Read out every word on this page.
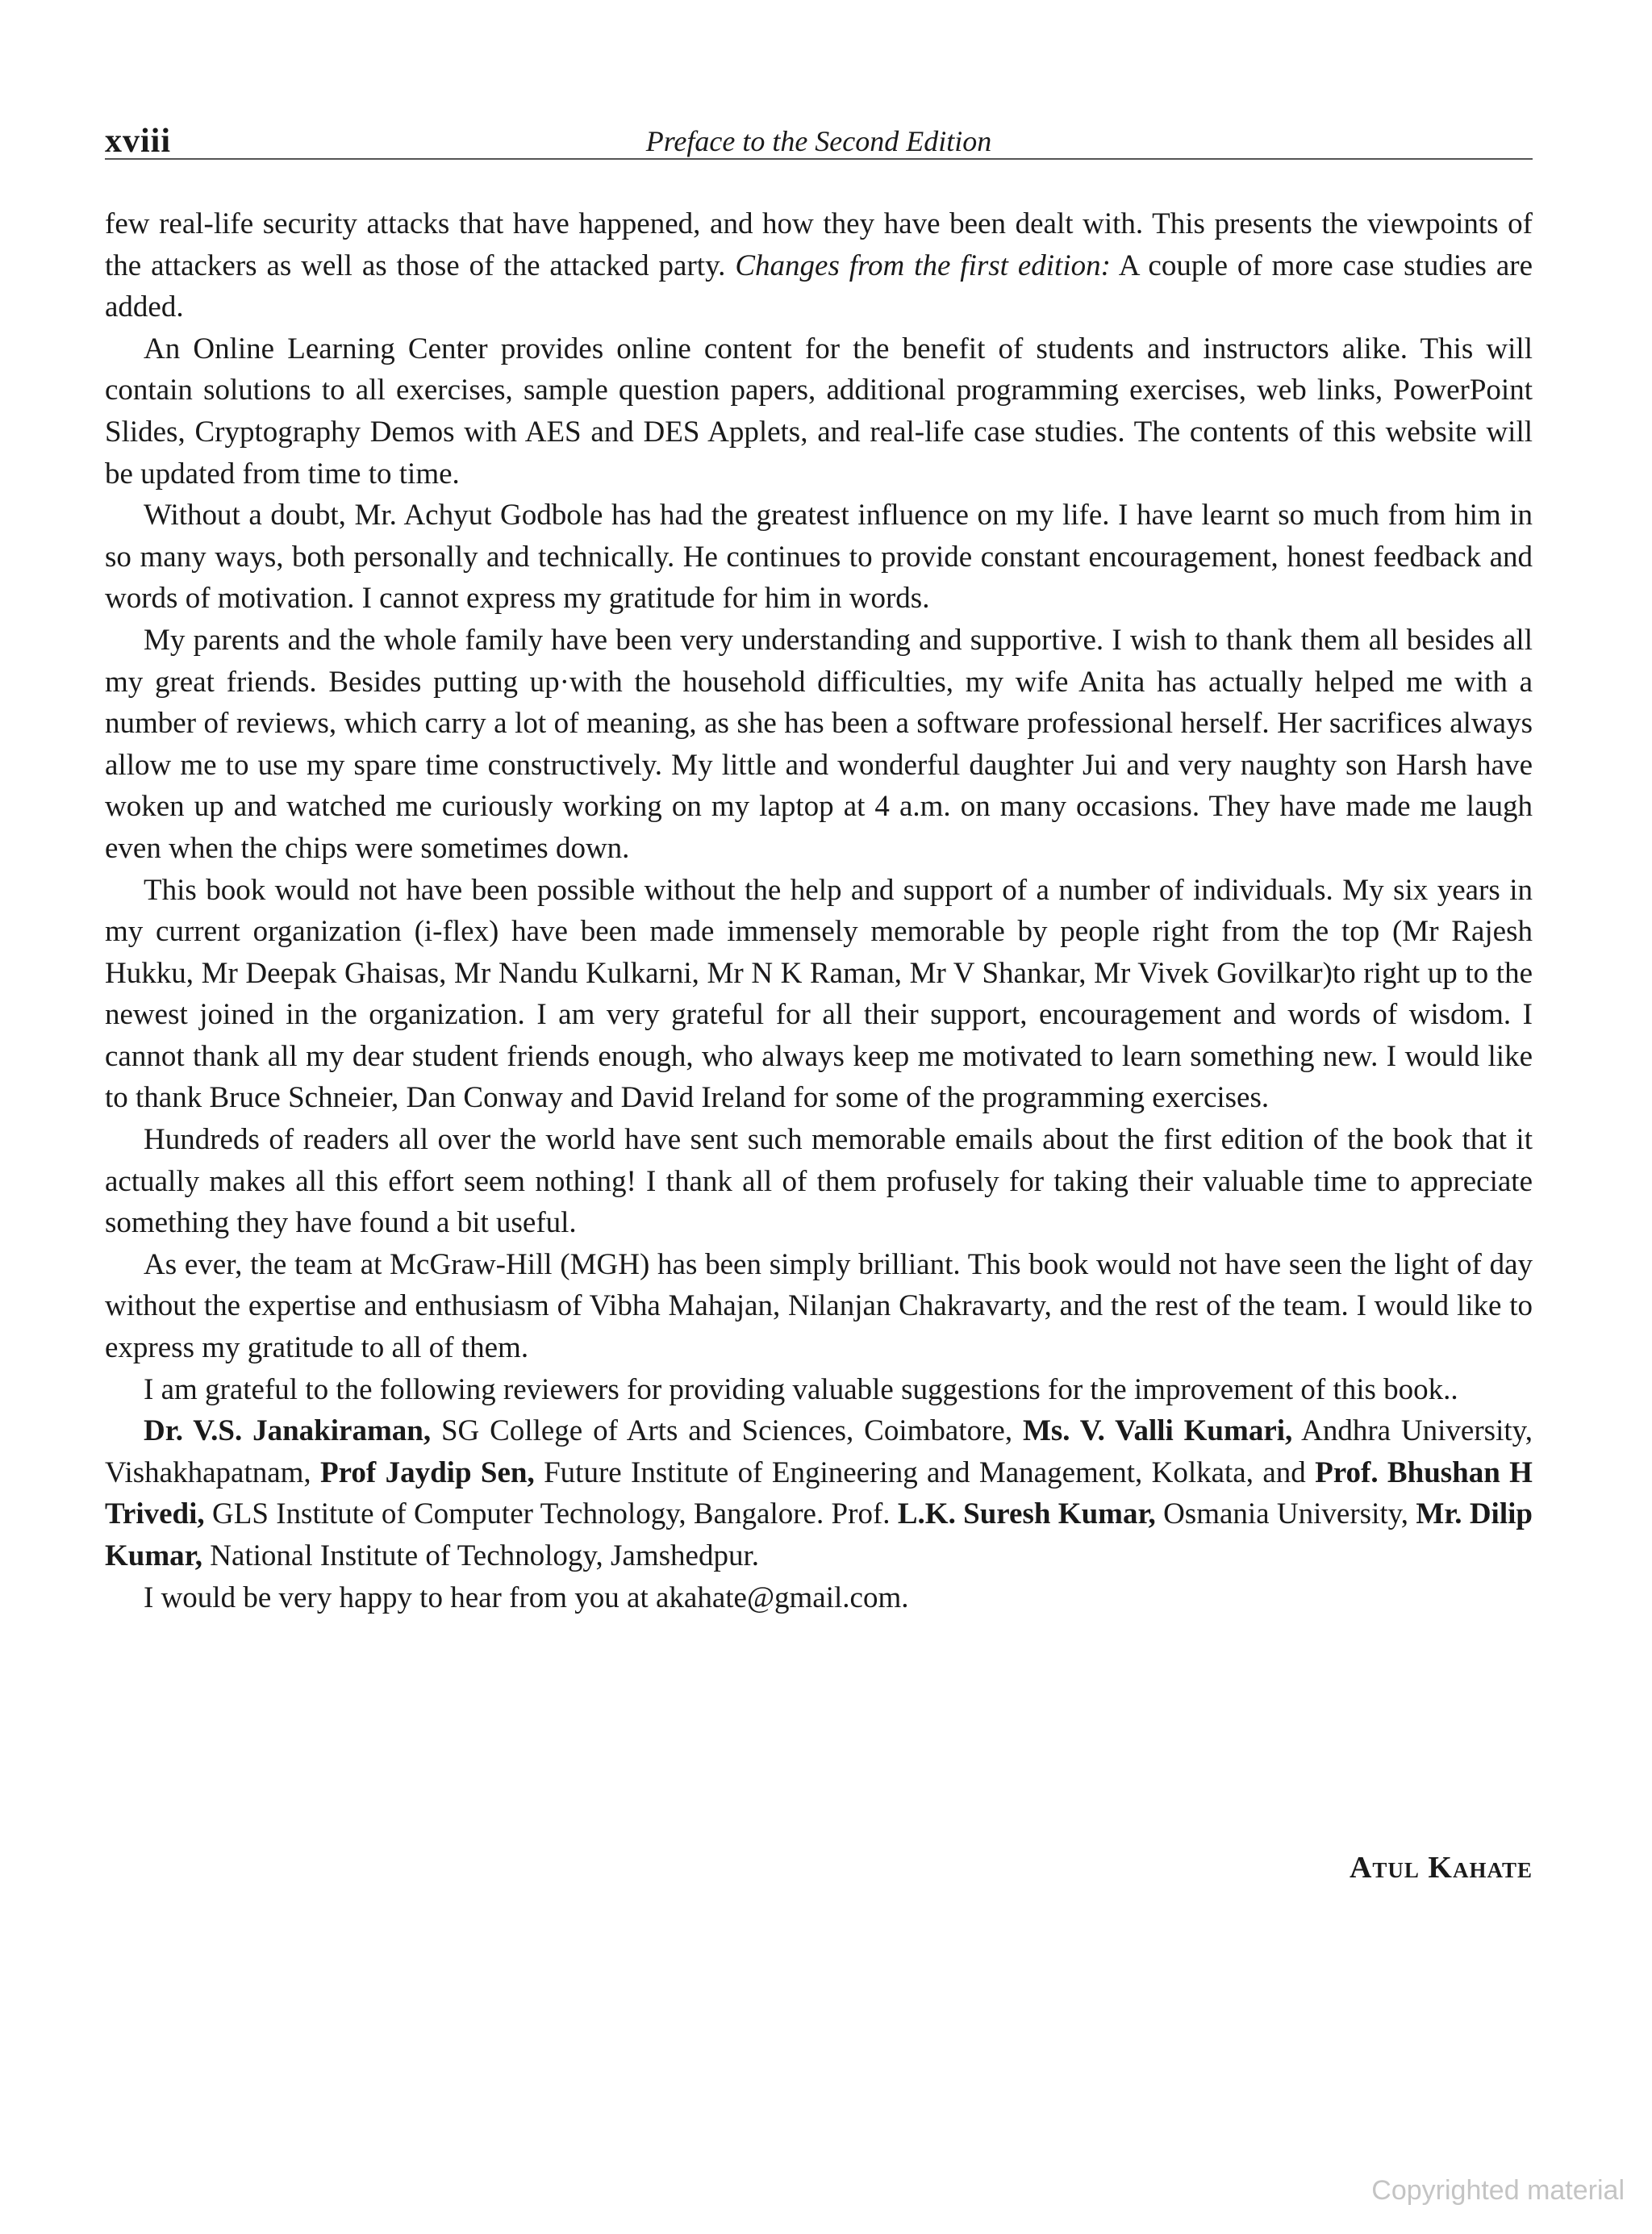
xviii	Preface to the Second Edition

few real-life security attacks that have happened, and how they have been dealt with. This presents the viewpoints of the attackers as well as those of the attacked party. Changes from the first edition: A couple of more case studies are added.

An Online Learning Center provides online content for the benefit of students and instructors alike. This will contain solutions to all exercises, sample question papers, additional programming exercises, web links, PowerPoint Slides, Cryptography Demos with AES and DES Applets, and real-life case studies. The contents of this website will be updated from time to time.

Without a doubt, Mr. Achyut Godbole has had the greatest influence on my life. I have learnt so much from him in so many ways, both personally and technically. He continues to provide constant encouragement, honest feedback and words of motivation. I cannot express my gratitude for him in words.

My parents and the whole family have been very understanding and supportive. I wish to thank them all besides all my great friends. Besides putting up·with the household difficulties, my wife Anita has actually helped me with a number of reviews, which carry a lot of meaning, as she has been a software professional herself. Her sacrifices always allow me to use my spare time constructively. My little and wonderful daughter Jui and very naughty son Harsh have woken up and watched me curiously working on my laptop at 4 a.m. on many occasions. They have made me laugh even when the chips were sometimes down.

This book would not have been possible without the help and support of a number of individuals. My six years in my current organization (i-flex) have been made immensely memorable by people right from the top (Mr Rajesh Hukku, Mr Deepak Ghaisas, Mr Nandu Kulkarni, Mr N K Raman, Mr V Shankar, Mr Vivek Govilkar)to right up to the newest joined in the organization. I am very grateful for all their support, encouragement and words of wisdom. I cannot thank all my dear student friends enough, who always keep me motivated to learn something new. I would like to thank Bruce Schneier, Dan Conway and David Ireland for some of the programming exercises.

Hundreds of readers all over the world have sent such memorable emails about the first edition of the book that it actually makes all this effort seem nothing! I thank all of them profusely for taking their valuable time to appreciate something they have found a bit useful.

As ever, the team at McGraw-Hill (MGH) has been simply brilliant. This book would not have seen the light of day without the expertise and enthusiasm of Vibha Mahajan, Nilanjan Chakravarty, and the rest of the team. I would like to express my gratitude to all of them.

I am grateful to the following reviewers for providing valuable suggestions for the improvement of this book..

Dr. V.S. Janakiraman, SG College of Arts and Sciences, Coimbatore, Ms. V. Valli Kumari, Andhra University, Vishakhapatnam, Prof Jaydip Sen, Future Institute of Engineering and Management, Kolkata, and Prof. Bhushan H Trivedi, GLS Institute of Computer Technology, Bangalore. Prof. L.K. Suresh Kumar, Osmania University, Mr. Dilip Kumar, National Institute of Technology, Jamshedpur.

I would be very happy to hear from you at akahate@gmail.com.

Atul Kahate
Copyrighted material
